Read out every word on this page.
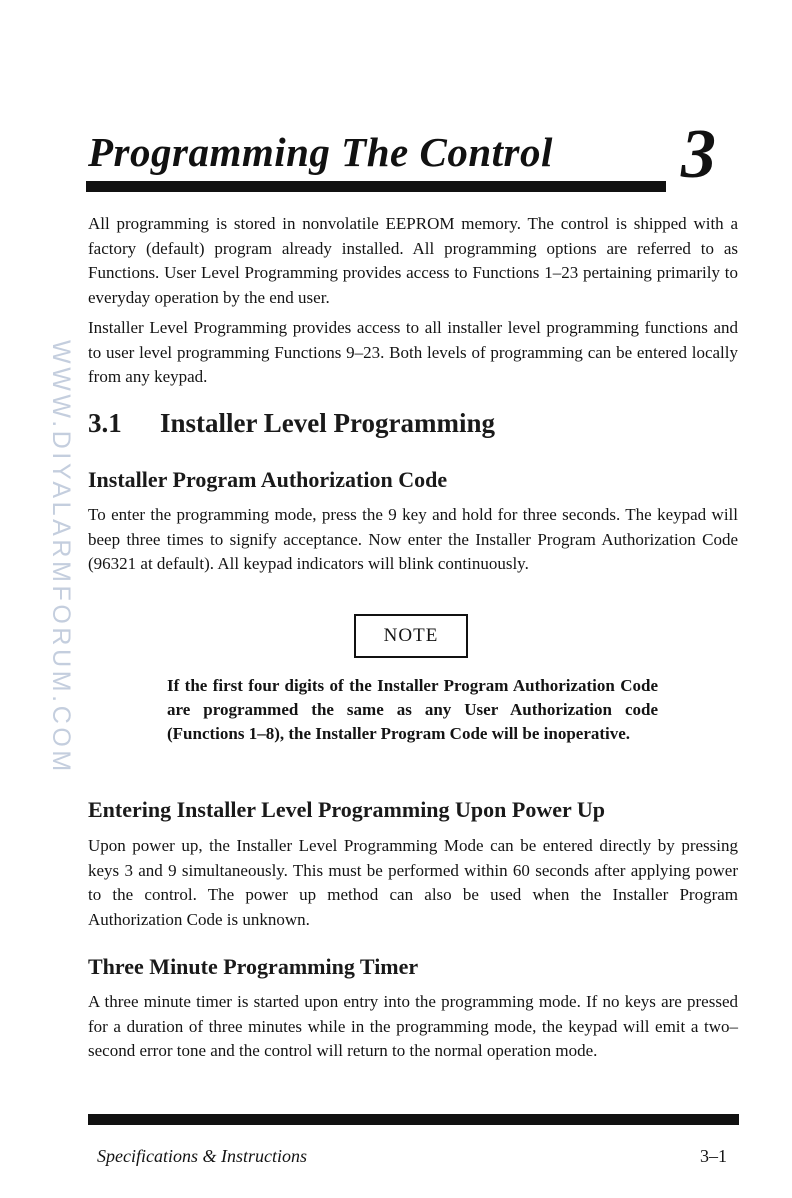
WWW.DIYALARMFORUM.COM
Programming The Control 3

All programming is stored in nonvolatile EEPROM memory. The control is shipped with a factory (default) program already installed. All programming options are referred to as Functions. User Level Programming provides access to Functions 1–23 pertaining primarily to everyday operation by the end user.

Installer Level Programming provides access to all installer level programming functions and to user level programming Functions 9–23. Both levels of programming can be entered locally from any keypad.

3.1 Installer Level Programming
Installer Program Authorization Code

To enter the programming mode, press the 9 key and hold for three seconds. The keypad will beep three times to signify acceptance. Now enter the Installer Program Authorization Code (96321 at default). All keypad indicators will blink continuously.

NOTE

If the first four digits of the Installer Program Authorization Code are programmed the same as any User Authorization code (Functions 1–8), the Installer Program Code will be inoperative.

Entering Installer Level Programming Upon Power Up

Upon power up, the Installer Level Programming Mode can be entered directly by pressing keys 3 and 9 simultaneously. This must be performed within 60 seconds after applying power to the control. The power up method can also be used when the Installer Program Authorization Code is unknown.

Three Minute Programming Timer

A three minute timer is started upon entry into the programming mode. If no keys are pressed for a duration of three minutes while in the programming mode, the keypad will emit a two–second error tone and the control will return to the normal operation mode.

Specifications & Instructions	3–1
